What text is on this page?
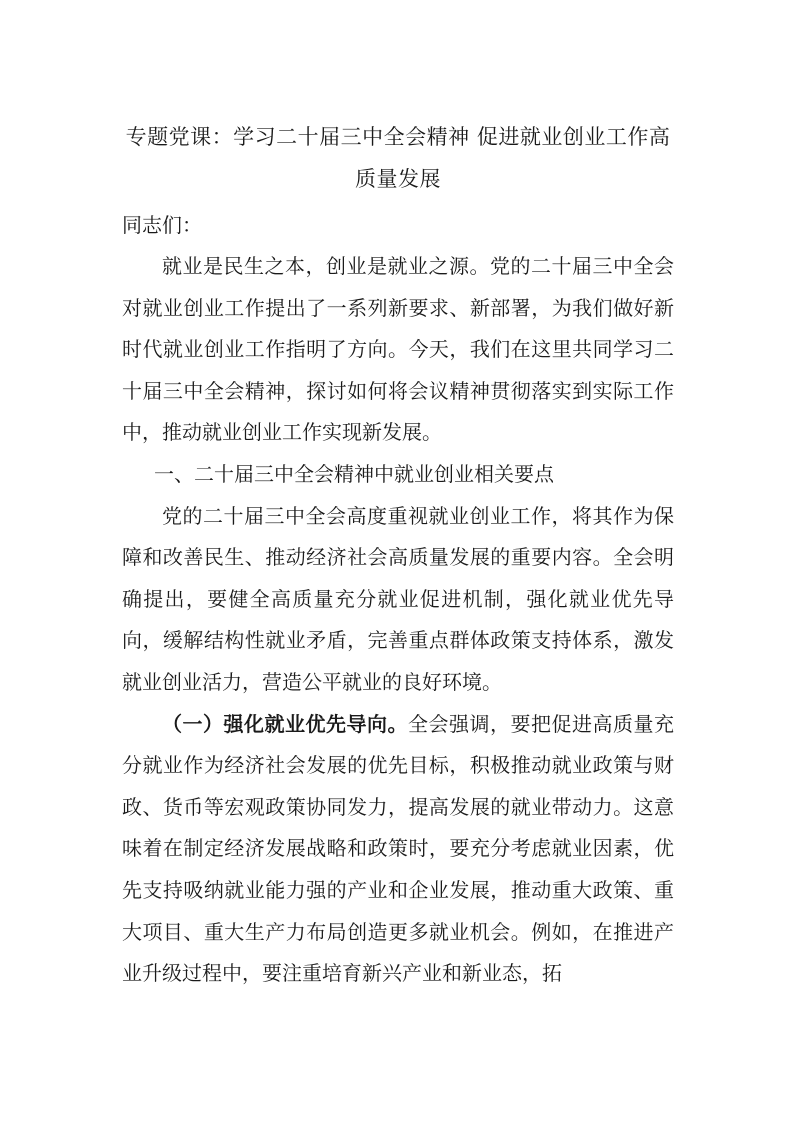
专题党课：学习二十届三中全会精神 促进就业创业工作高质量发展
同志们：

就业是民生之本，创业是就业之源。党的二十届三中全会对就业创业工作提出了一系列新要求、新部署，为我们做好新时代就业创业工作指明了方向。今天，我们在这里共同学习二十届三中全会精神，探讨如何将会议精神贯彻落实到实际工作中，推动就业创业工作实现新发展。

一、二十届三中全会精神中就业创业相关要点

党的二十届三中全会高度重视就业创业工作，将其作为保障和改善民生、推动经济社会高质量发展的重要内容。全会明确提出，要健全高质量充分就业促进机制，强化就业优先导向，缓解结构性就业矛盾，完善重点群体政策支持体系，激发就业创业活力，营造公平就业的良好环境。

（一）强化就业优先导向。全会强调，要把促进高质量充分就业作为经济社会发展的优先目标，积极推动就业政策与财政、货币等宏观政策协同发力，提高发展的就业带动力。这意味着在制定经济发展战略和政策时，要充分考虑就业因素，优先支持吸纳就业能力强的产业和企业发展，推动重大政策、重大项目、重大生产力布局创造更多就业机会。例如，在推进产业升级过程中，要注重培育新兴产业和新业态，拓
